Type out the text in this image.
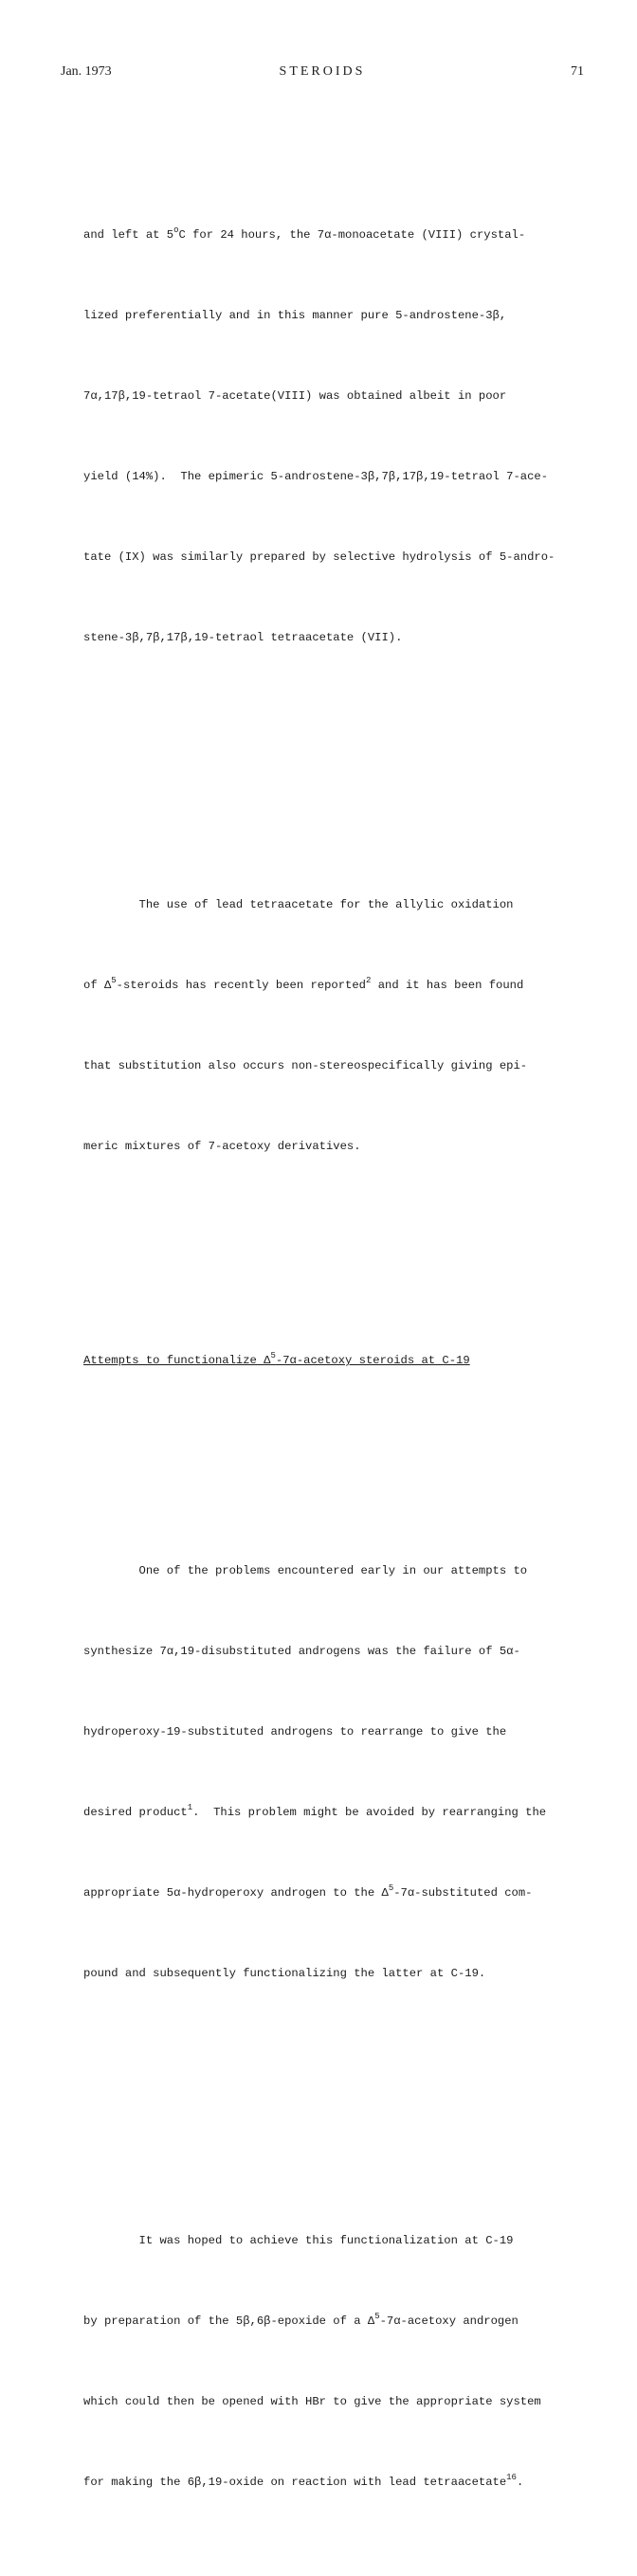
Jan. 1973	STEROIDS	71

and left at 5$^o$C for 24 hours, the 7α-monoacetate (VIII) crystal-

lized preferentially and in this manner pure 5-androstene-3β,

7α,17β,19-tetraol 7-acetate(VIII) was obtained albeit in poor

yield (14%).  The epimeric 5-androstene-3β,7β,17β,19-tetraol 7-ace-

tate (IX) was similarly prepared by selective hydrolysis of 5-andro-

stene-3β,7β,17β,19-tetraol tetraacetate (VII).

The use of lead tetraacetate for the allylic oxidation

of $\Delta^5$-steroids has recently been reported$^2$ and it has been found

that substitution also occurs non-stereospecifically giving epi-

meric mixtures of 7-acetoxy derivatives.

Attempts to functionalize $\Delta^5-7\alpha$-acetoxy steroids at C-19

One of the problems encountered early in our attempts to

synthesize 7α,19-disubstituted androgens was the failure of 5α-

hydroperoxy-19-substituted androgens to rearrange to give the

desired product$^1$.  This problem might be avoided by rearranging the

appropriate 5α-hydroperoxy androgen to the $\Delta^5-7\alpha$-substituted com-

pound and subsequently functionalizing the latter at C-19.

It was hoped to achieve this functionalization at C-19

by preparation of the 5β,6β-epoxide of a $\Delta^5-7\alpha$-acetoxy androgen

which could then be opened with HBr to give the appropriate system

for making the 6β,19-oxide on reaction with lead tetraacetate$^{16}$.
